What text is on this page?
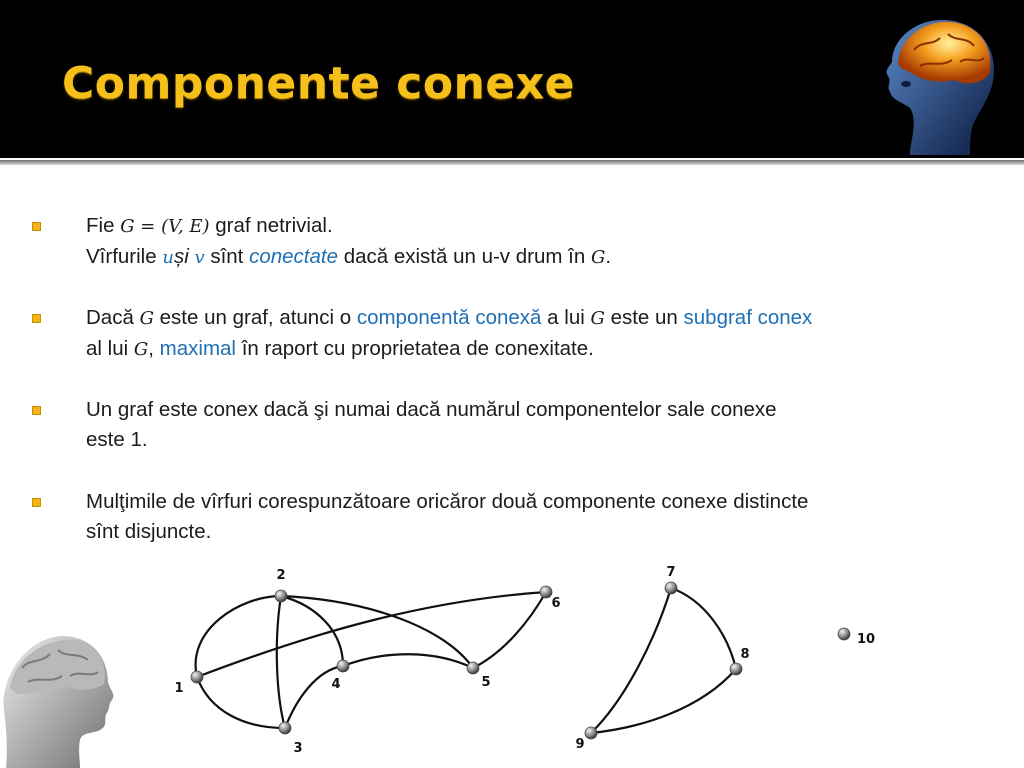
Componente conexe
Fie G = (V, E) graf netrivial.
Vîrfurile uși v sînt conectate dacă există un u-v drum în G.
Dacă G este un graf, atunci o componentă conexă a lui G este un subgraf conex
al lui G, maximal în raport cu proprietatea de conexitate.
Un graf este conex dacă şi numai dacă numărul componentelor sale conexe
este 1.
Mulţimile de vîrfuri corespunzătoare oricăror două componente conexe distincte
sînt disjuncte.
1
2
3
4	5
6
7
8
9
10
